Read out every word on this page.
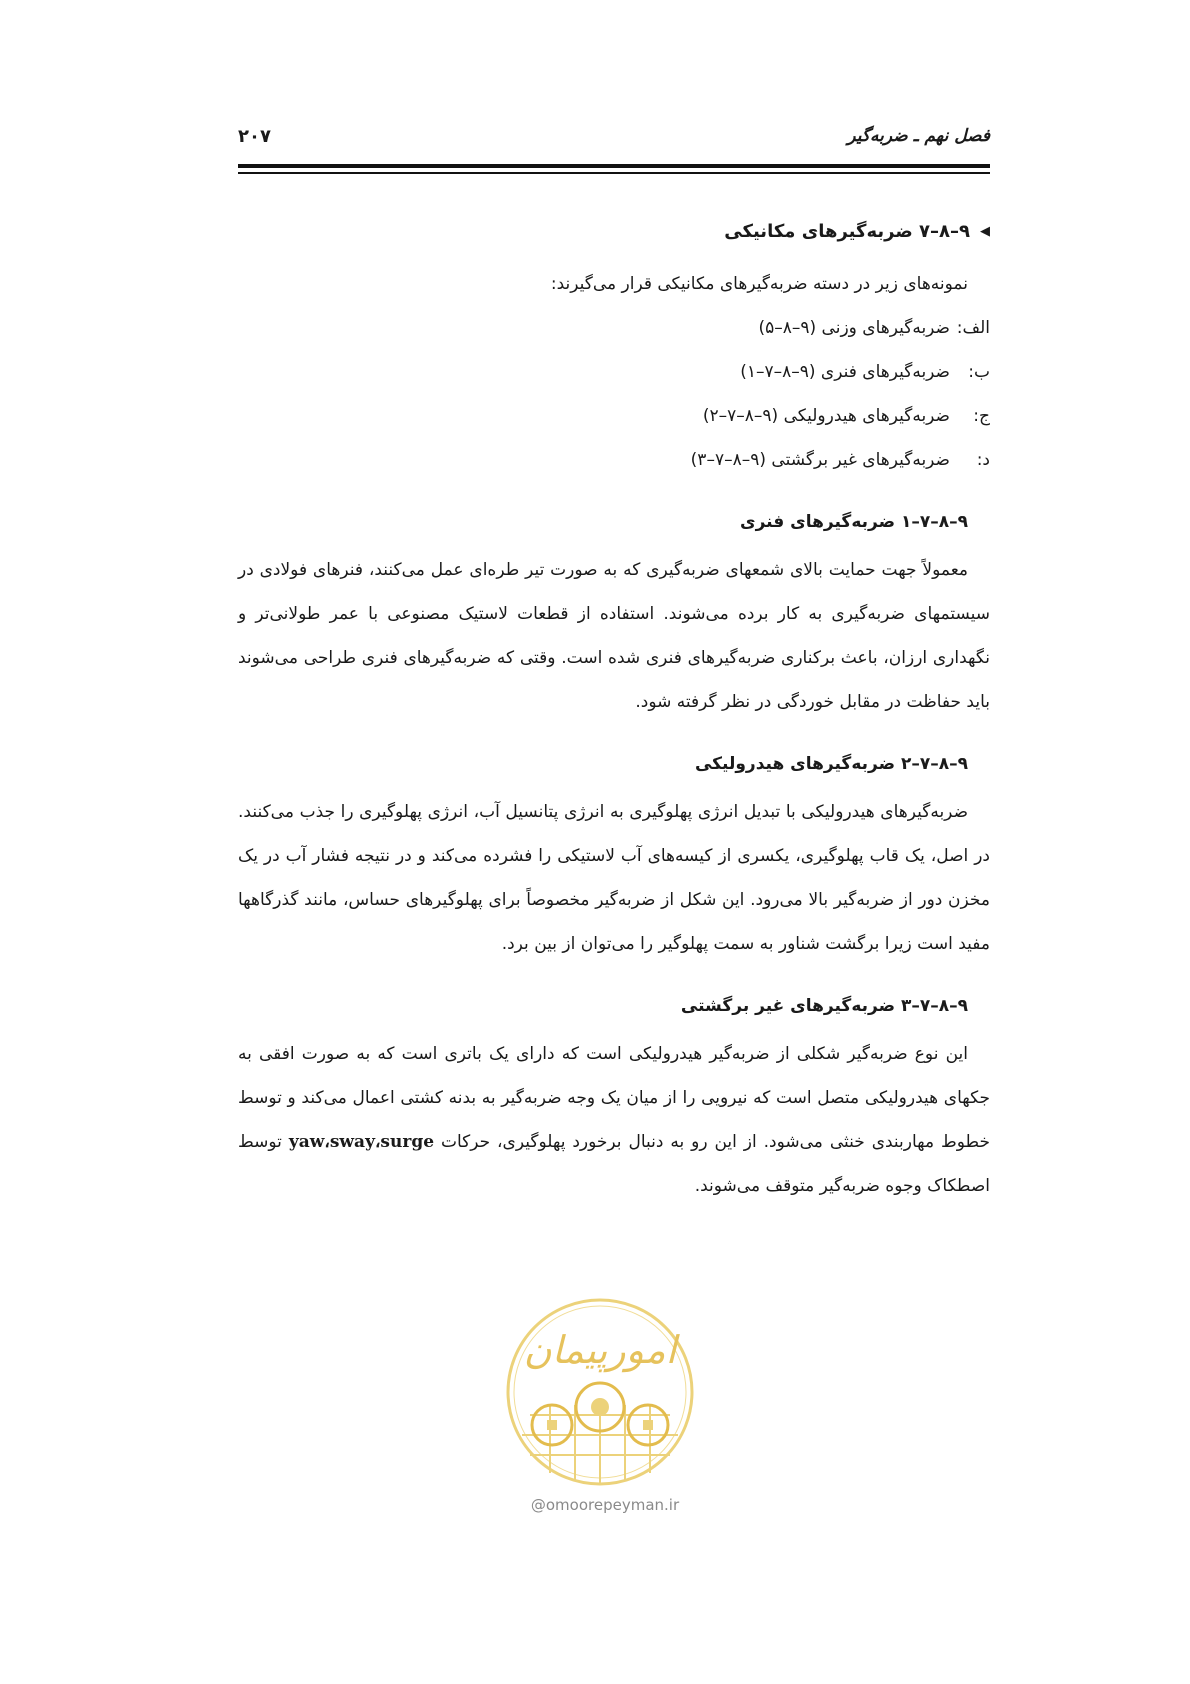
فصل نهم ـ ضربه‌گیر
۲۰۷
◀
۹–۸–۷ ضربه‌گیرهای مکانیکی

نمونه‌های زیر در دسته ضربه‌گیرهای مکانیکی قرار می‌گیرند:

الف:
ضربه‌گیرهای وزنی (۹–۸–۵)
ب:
ضربه‌گیرهای فنری (۹–۸–۷–۱)
ج:
ضربه‌گیرهای هیدرولیکی (۹–۸–۷–۲)
د:
ضربه‌گیرهای غیر برگشتی (۹–۸–۷–۳)
۹–۸–۷–۱ ضربه‌گیرهای فنری

معمولاً جهت حمایت بالای شمعهای ضربه‌گیری که به صورت تیر طره‌ای عمل می‌کنند، فنرهای فولادی در سیستمهای ضربه‌گیری به کار برده می‌شوند. استفاده از قطعات لاستیک مصنوعی با عمر طولانی‌تر و نگهداری ارزان، باعث برکناری ضربه‌گیرهای فنری شده است. وقتی که ضربه‌گیرهای فنری طراحی می‌شوند باید حفاظت در مقابل خوردگی در نظر گرفته شود.

۹–۸–۷–۲ ضربه‌گیرهای هیدرولیکی

ضربه‌گیرهای هیدرولیکی با تبدیل انرژی پهلوگیری به انرژی پتانسیل آب، انرژی پهلوگیری را جذب می‌کنند. در اصل، یک قاب پهلوگیری، یکسری از کیسه‌های آب لاستیکی را فشرده می‌کند و در نتیجه فشار آب در یک مخزن دور از ضربه‌گیر بالا می‌رود. این شکل از ضربه‌گیر مخصوصاً برای پهلوگیرهای حساس، مانند گذرگاهها مفید است زیرا برگشت شناور به سمت پهلوگیر را می‌توان از بین برد.

۹–۸–۷–۳ ضربه‌گیرهای غیر برگشتی

این نوع ضربه‌گیر شکلی از ضربه‌گیر هیدرولیکی است که دارای یک باتری است که به صورت افقی به جکهای هیدرولیکی متصل است که نیرویی را از میان یک وجه ضربه‌گیر به بدنه کشتی اعمال می‌کند و توسط خطوط مهاربندی خنثی می‌شود. از این رو به دنبال برخورد پهلوگیری، حرکات yaw،sway،surge توسط اصطکاک وجوه ضربه‌گیر متوقف می‌شوند.

امورپیمان
@omoorepeyman.ir
